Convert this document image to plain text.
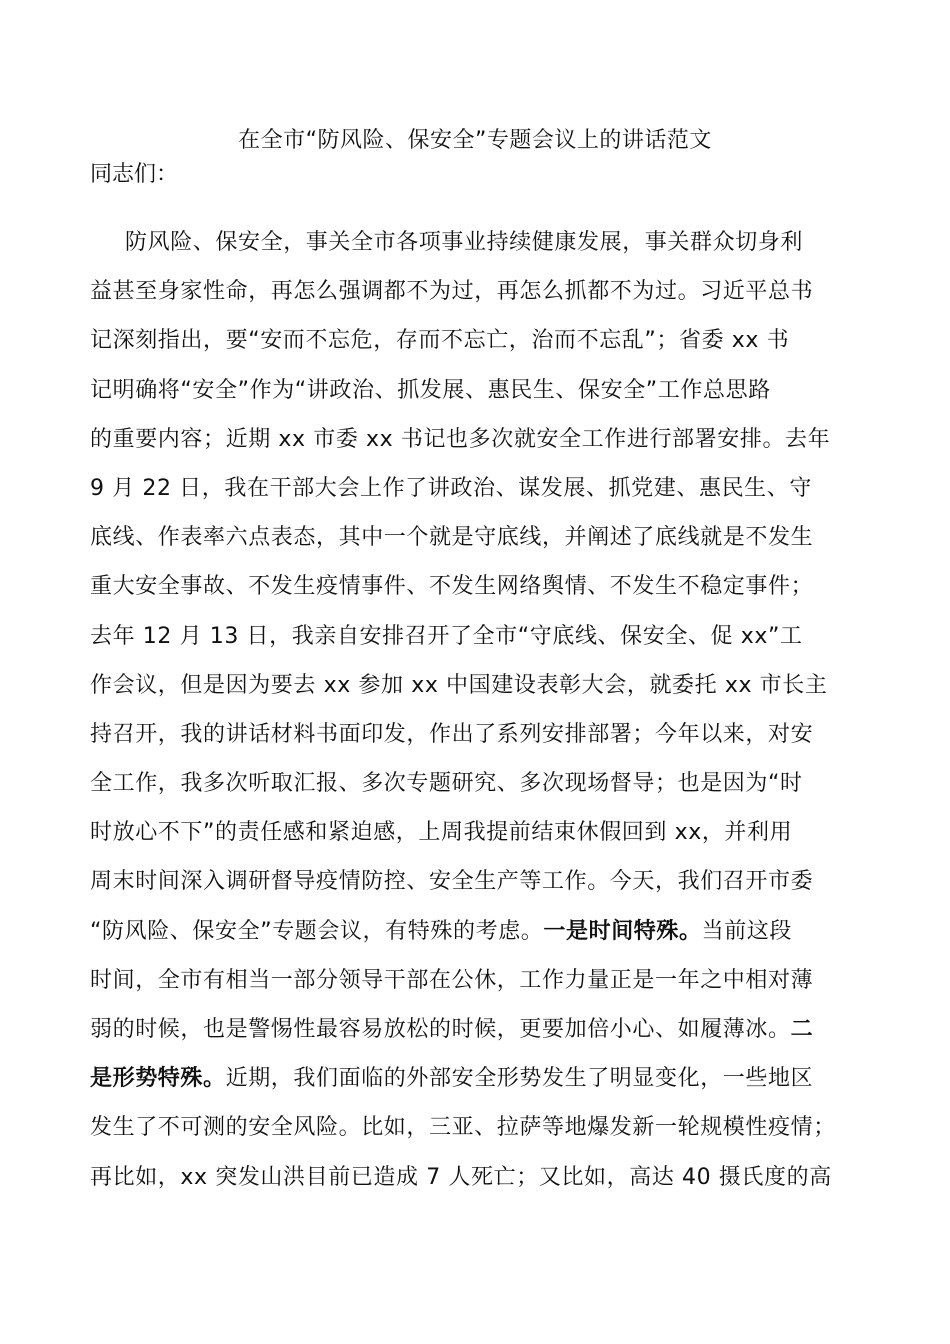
在全市“防风险、保安全”专题会议上的讲话范文
同志们：
防风险、保安全，事关全市各项事业持续健康发展，事关群众切身利
益甚至身家性命，再怎么强调都不为过，再怎么抓都不为过。习近平总书
记深刻指出，要“安而不忘危，存而不忘亡，治而不忘乱”；省委 xx 书
记明确将“安全”作为“讲政治、抓发展、惠民生、保安全”工作总思路
的重要内容；近期 xx 市委 xx 书记也多次就安全工作进行部署安排。去年
9 月 22 日，我在干部大会上作了讲政治、谋发展、抓党建、惠民生、守
底线、作表率六点表态，其中一个就是守底线，并阐述了底线就是不发生
重大安全事故、不发生疫情事件、不发生网络舆情、不发生不稳定事件；
去年 12 月 13 日，我亲自安排召开了全市“守底线、保安全、促 xx”工
作会议，但是因为要去 xx 参加 xx 中国建设表彰大会，就委托 xx 市长主
持召开，我的讲话材料书面印发，作出了系列安排部署；今年以来，对安
全工作，我多次听取汇报、多次专题研究、多次现场督导；也是因为“时
时放心不下”的责任感和紧迫感，上周我提前结束休假回到 xx，并利用
周末时间深入调研督导疫情防控、安全生产等工作。今天，我们召开市委
“防风险、保安全”专题会议，有特殊的考虑。一是时间特殊。当前这段
时间，全市有相当一部分领导干部在公休，工作力量正是一年之中相对薄
弱的时候，也是警惕性最容易放松的时候，更要加倍小心、如履薄冰。二
是形势特殊。近期，我们面临的外部安全形势发生了明显变化，一些地区
发生了不可测的安全风险。比如，三亚、拉萨等地爆发新一轮规模性疫情；
再比如，xx 突发山洪目前已造成 7 人死亡；又比如，高达 40 摄氏度的高
